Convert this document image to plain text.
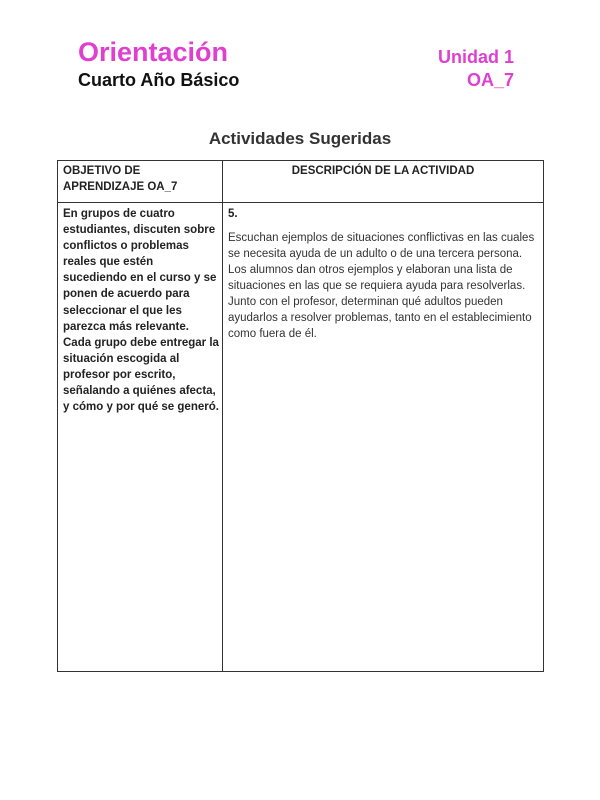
Orientación
Cuarto Año Básico
Unidad 1
OA_7
Actividades Sugeridas
OBJETIVO DE APRENDIZAJE OA_7
DESCRIPCIÓN DE LA ACTIVIDAD
En grupos de cuatro estudiantes, discuten sobre conflictos o problemas reales que estén sucediendo en el curso y se ponen de acuerdo para seleccionar el que les parezca más relevante. Cada grupo debe entregar la situación escogida al profesor por escrito, señalando a quiénes afecta, y cómo y por qué se generó.
5.
Escuchan ejemplos de situaciones conflictivas en las cuales se necesita ayuda de un adulto o de una tercera persona. Los alumnos dan otros ejemplos y elaboran una lista de situaciones en las que se requiera ayuda para resolverlas. Junto con el profesor, determinan qué adultos pueden ayudarlos a resolver problemas, tanto en el establecimiento como fuera de él.
